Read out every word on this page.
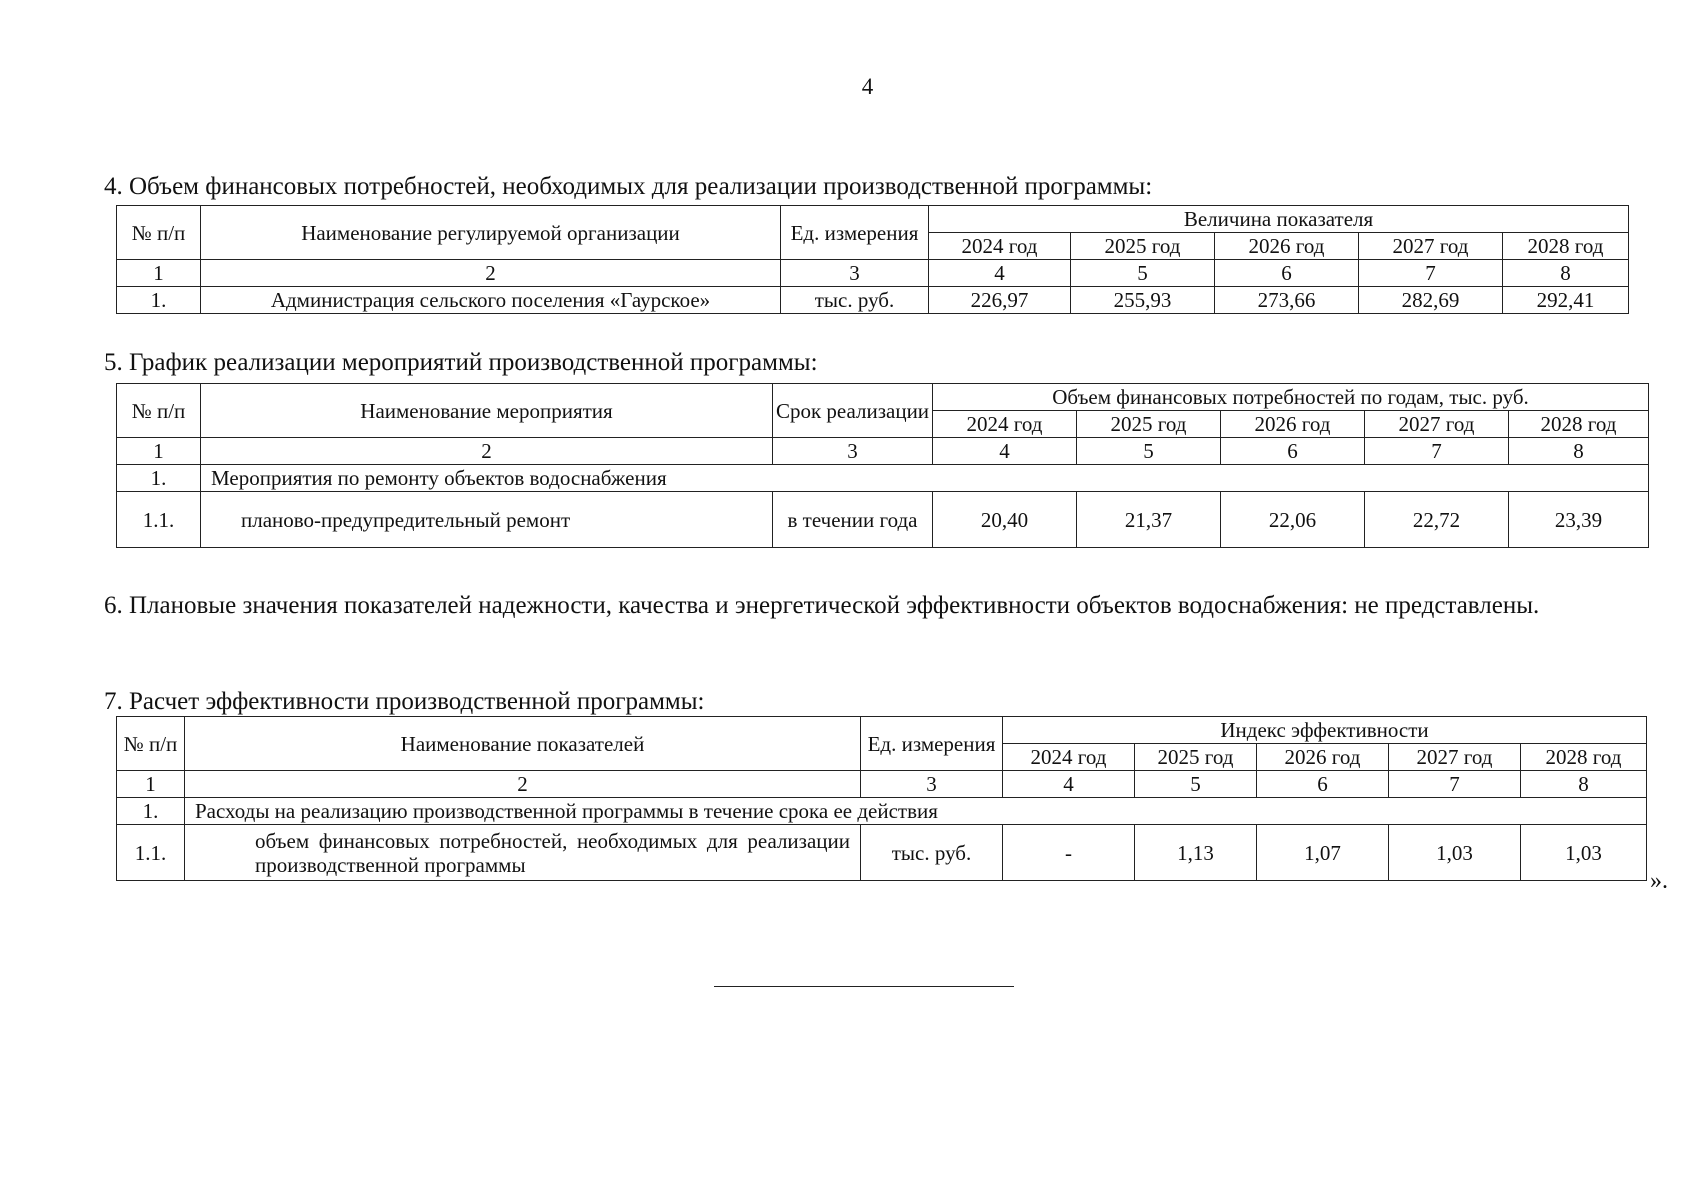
4
4. Объем финансовых потребностей, необходимых для реализации производственной программы:
№ п/п	Наименование регулируемой организации	Ед. измерения	Величина показателя				
			2024 год	2025 год	2026 год	2027 год	2028 год
1	2	3	4	5	6	7	8
1.	Администрация сельского поселения «Гаурское»	тыс. руб.	226,97	255,93	273,66	282,69	292,41
5. График реализации мероприятий производственной программы:
№ п/п	Наименование мероприятия	Срок реализации	Объем финансовых потребностей по годам, тыс. руб.				
			2024 год	2025 год	2026 год	2027 год	2028 год
1	2	3	4	5	6	7	8
1.	Мероприятия по ремонту объектов водоснабжения						
1.1.	планово-предупредительный ремонт	в течении года	20,40	21,37	22,06	22,72	23,39
6. Плановые значения показателей надежности, качества и энергетической эффективности объектов водоснабжения: не представлены.
7. Расчет эффективности производственной программы:
№ п/п	Наименование показателей	Ед. измерения	Индекс эффективности				
			2024 год	2025 год	2026 год	2027 год	2028 год
1	2	3	4	5	6	7	8
1.	Расходы на реализацию производственной программы в течение срока ее действия						
1.1.	объем финансовых потребностей, необходимых для реализации производственной программы	тыс. руб.	-	1,13	1,07	1,03	1,03
».
